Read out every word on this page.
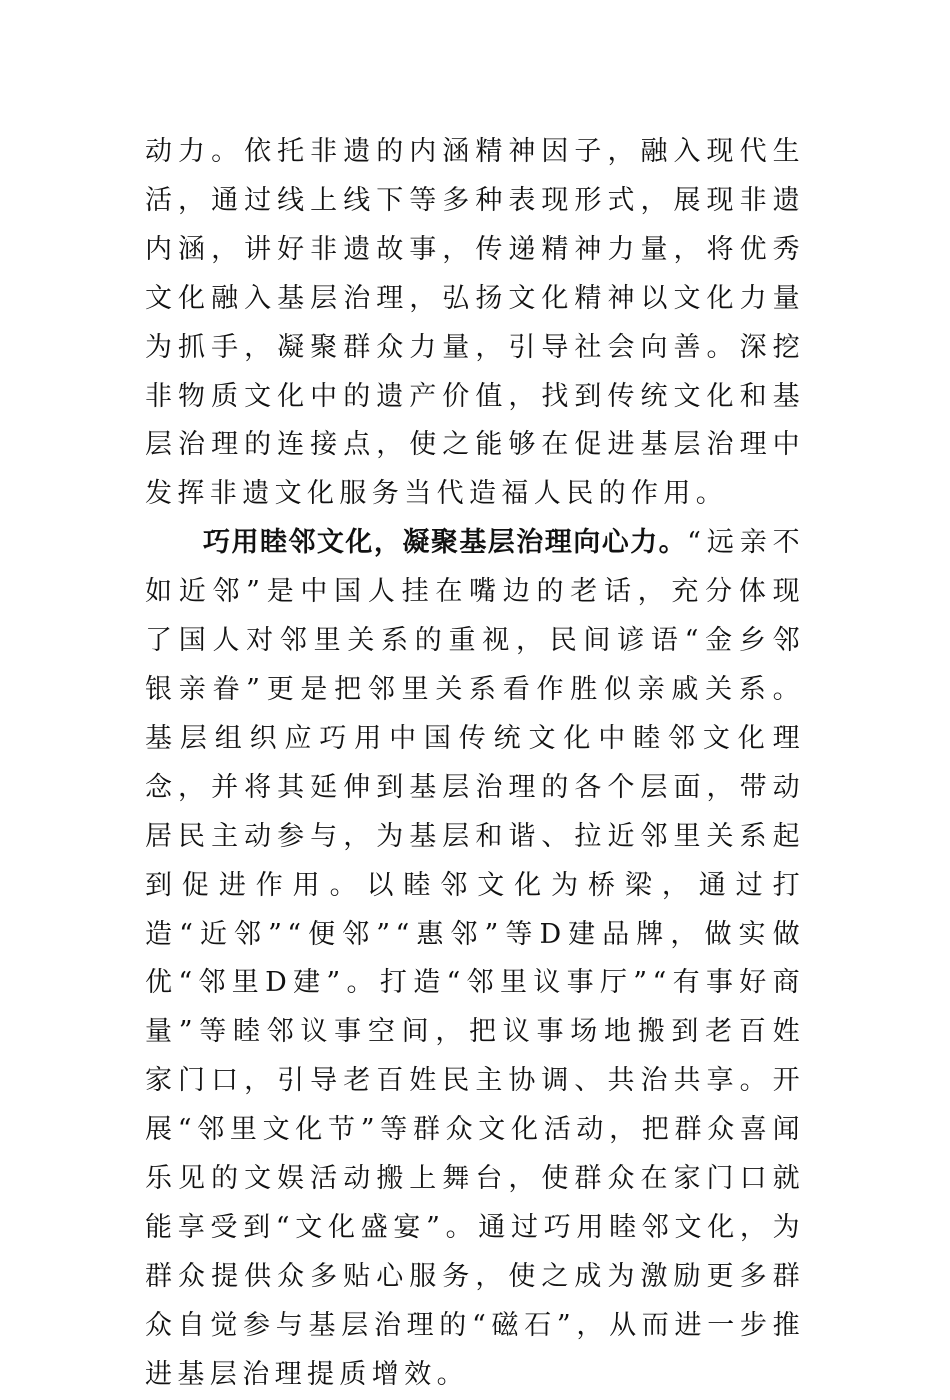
动力。依托非遗的内涵精神因子，融入现代生活，通过线上线下等多种表现形式，展现非遗内涵，讲好非遗故事，传递精神力量，将优秀文化融入基层治理，弘扬文化精神以文化力量为抓手，凝聚群众力量，引导社会向善。深挖非物质文化中的遗产价值，找到传统文化和基层治理的连接点，使之能够在促进基层治理中发挥非遗文化服务当代造福人民的作用。

巧用睦邻文化，凝聚基层治理向心力。“远亲不如近邻”是中国人挂在嘴边的老话，充分体现了国人对邻里关系的重视，民间谚语“金乡邻银亲眷”更是把邻里关系看作胜似亲戚关系。基层组织应巧用中国传统文化中睦邻文化理念，并将其延伸到基层治理的各个层面，带动居民主动参与，为基层和谐、拉近邻里关系起到促进作用。以睦邻文化为桥梁，通过打造“近邻”“便邻”“惠邻”等D建品牌，做实做优“邻里D建”。打造“邻里议事厅”“有事好商量”等睦邻议事空间，把议事场地搬到老百姓家门口，引导老百姓民主协调、共治共享。开展“邻里文化节”等群众文化活动，把群众喜闻乐见的文娱活动搬上舞台，使群众在家门口就能享受到“文化盛宴”。通过巧用睦邻文化，为群众提供众多贴心服务，使之成为激励更多群众自觉参与基层治理的“磁石”，从而进一步推进基层治理提质增效。
